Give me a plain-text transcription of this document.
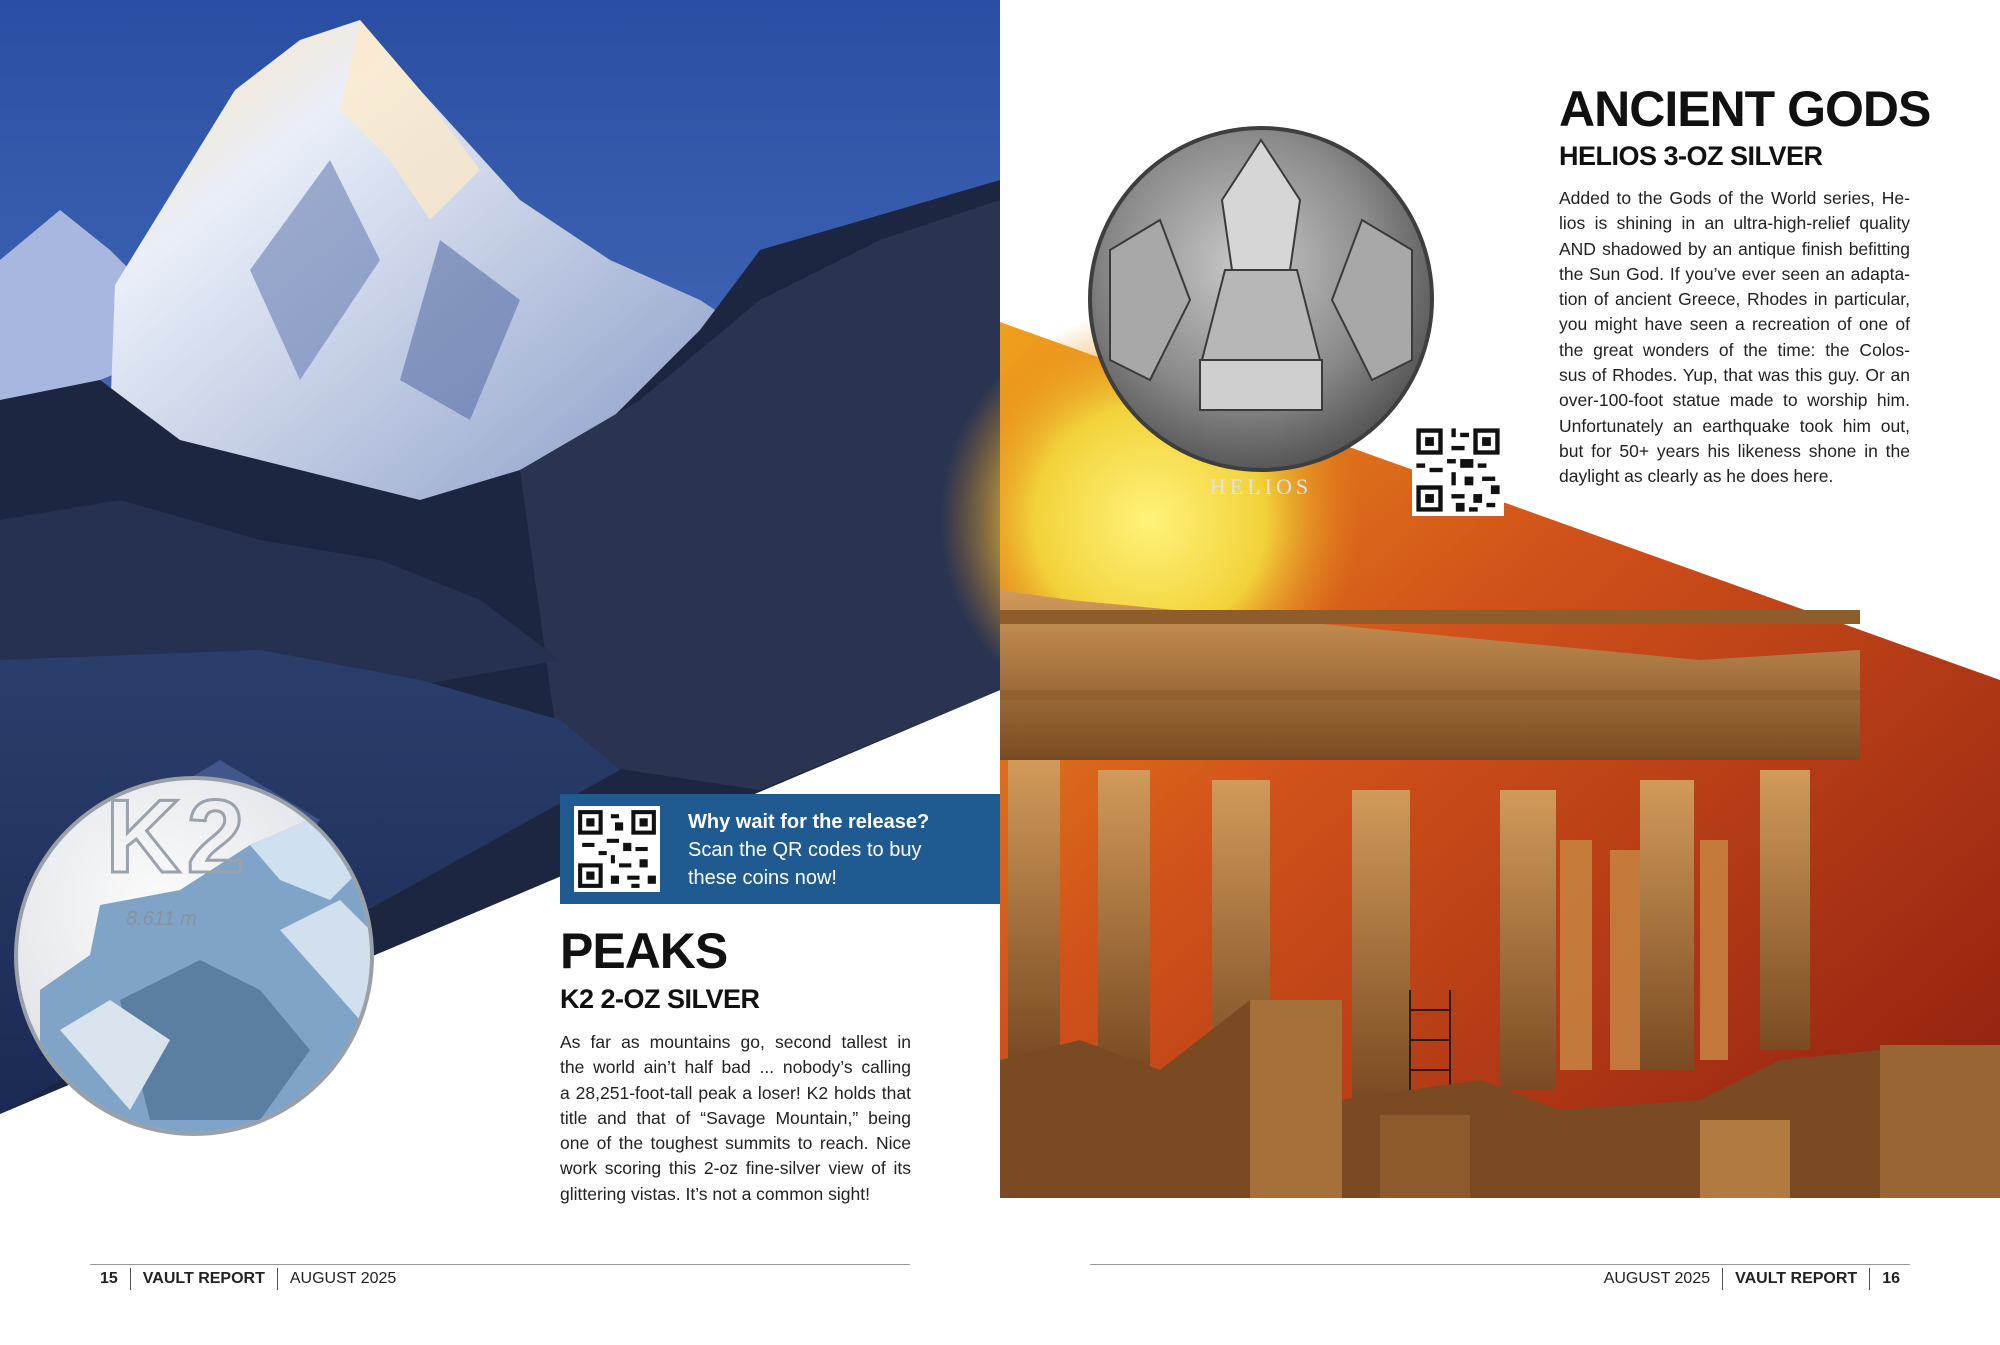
K2
8.611 m
HELIOS
Why wait for the release?
Scan the QR codes to buy
these coins now!
PEAKS
K2 2-OZ SILVER
As far as mountains go, second tallest in
the world ain’t half bad ... nobody’s calling
a 28,251-foot-tall peak a loser! K2 holds that
title and that of “Savage Mountain,” being
one of the toughest summits to reach. Nice
work scoring this 2-oz fine-silver view of its
glittering vistas. It’s not a common sight!
ANCIENT GODS
HELIOS 3-OZ SILVER
Added to the Gods of the World series, He-
lios is shining in an ultra-high-relief quality
AND shadowed by an antique finish befitting
the Sun God. If you’ve ever seen an adapta-
tion of ancient Greece, Rhodes in particular,
you might have seen a recreation of one of
the great wonders of the time: the Colos-
sus of Rhodes. Yup, that was this guy. Or an
over-100-foot statue made to worship him.
Unfortunately an earthquake took him out,
but for 50+ years his likeness shone in the
daylight as clearly as he does here.
15 VAULT REPORT AUGUST 2025	AUGUST 2025 VAULT REPORT 16
